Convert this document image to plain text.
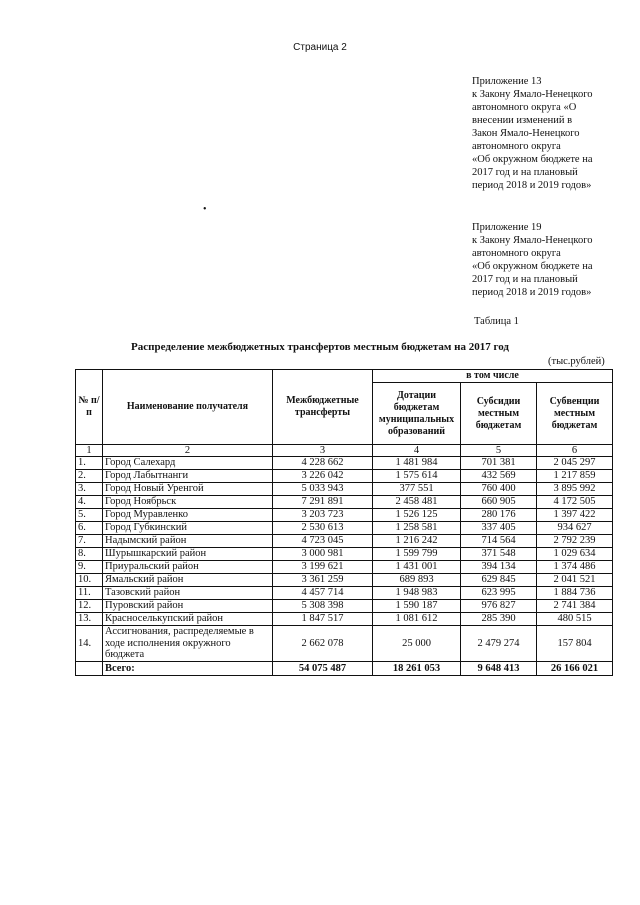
Страница 2
Приложение 13
к Закону Ямало-Ненецкого
автономного округа «О
внесении изменений в
Закон Ямало-Ненецкого
автономного округа
«Об окружном бюджете на
2017 год и на плановый
период 2018 и 2019 годов»
Приложение 19
к Закону Ямало-Ненецкого
автономного округа
«Об окружном бюджете на
2017 год и на плановый
период 2018 и 2019 годов»
•
Таблица 1
Распределение межбюджетных трансфертов местным бюджетам на 2017 год
(тыс.рублей)
№ п/п	Наименование получателя	Межбюджетные трансферты	в том числе		
			Дотации бюджетам муниципальных образований	Субсидии местным бюджетам	Субвенции местным бюджетам
1	2	3	4	5	6
1.	Город Салехард	4 228 662	1 481 984	701 381	2 045 297
2.	Город Лабытнанги	3 226 042	1 575 614	432 569	1 217 859
3.	Город Новый Уренгой	5 033 943	377 551	760 400	3 895 992
4.	Город Ноябрьск	7 291 891	2 458 481	660 905	4 172 505
5.	Город Муравленко	3 203 723	1 526 125	280 176	1 397 422
6.	Город Губкинский	2 530 613	1 258 581	337 405	934 627
7.	Надымский район	4 723 045	1 216 242	714 564	2 792 239
8.	Шурышкарский район	3 000 981	1 599 799	371 548	1 029 634
9.	Приуральский район	3 199 621	1 431 001	394 134	1 374 486
10.	Ямальский район	3 361 259	689 893	629 845	2 041 521
11.	Тазовский район	4 457 714	1 948 983	623 995	1 884 736
12.	Пуровский район	5 308 398	1 590 187	976 827	2 741 384
13.	Красноселькупский район	1 847 517	1 081 612	285 390	480 515
14.	Ассигнования, распределяемые в ходе исполнения окружного бюджета	2 662 078	25 000	2 479 274	157 804
	Всего:	54 075 487	18 261 053	9 648 413	26 166 021
